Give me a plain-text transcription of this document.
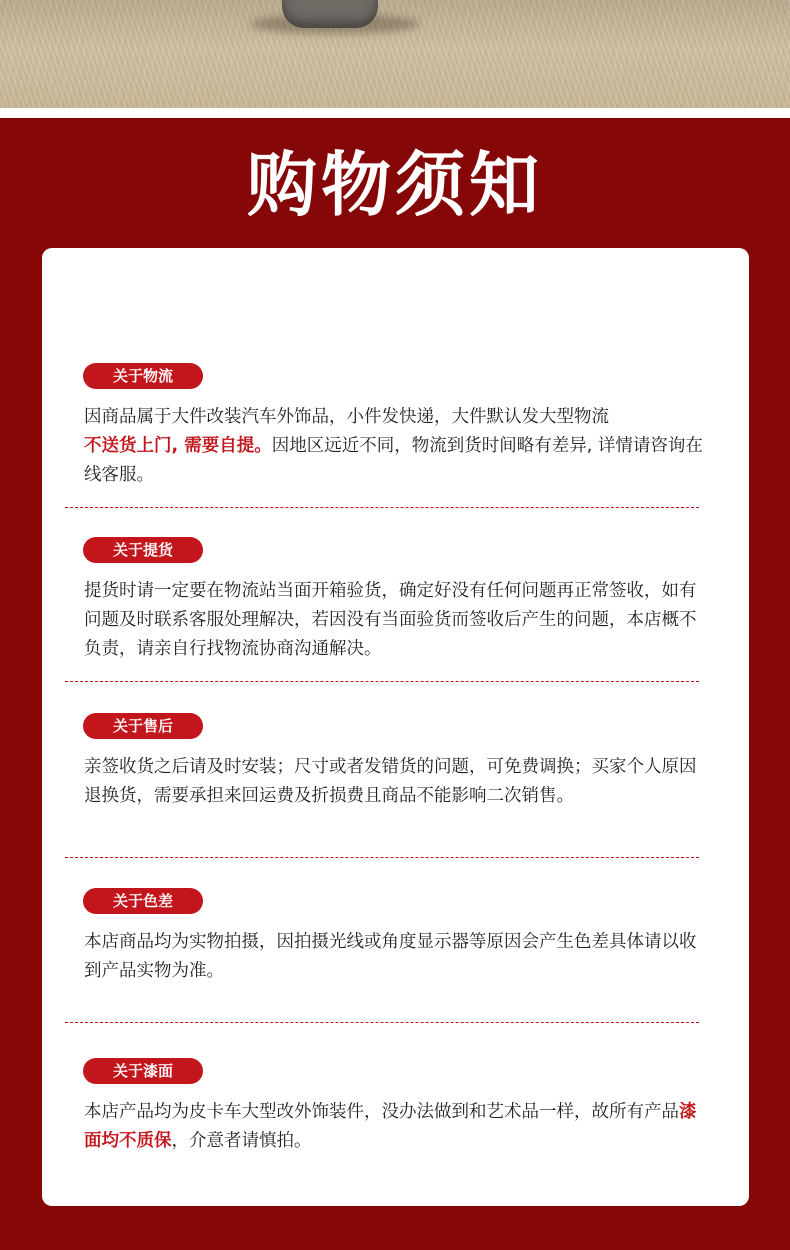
购物须知
关于物流
因商品属于大件改装汽车外饰品，小件发快递，大件默认发大型物流
不送货上门, 需要自提。因地区远近不同，物流到货时间略有差异, 详情请咨询在线客服。
关于提货
提货时请一定要在物流站当面开箱验货，确定好没有任何问题再正常签收，如有问题及时联系客服处理解决，若因没有当面验货而签收后产生的问题，本店概不负责，请亲自行找物流协商沟通解决。
关于售后
亲签收货之后请及时安装；尺寸或者发错货的问题，可免费调换；买家个人原因退换货，需要承担来回运费及折损费且商品不能影响二次销售。
关于色差
本店商品均为实物拍摄，因拍摄光线或角度显示器等原因会产生色差具体请以收到产品实物为准。
关于漆面
本店产品均为皮卡车大型改外饰装件，没办法做到和艺术品一样，故所有产品漆面均不质保，介意者请慎拍。
